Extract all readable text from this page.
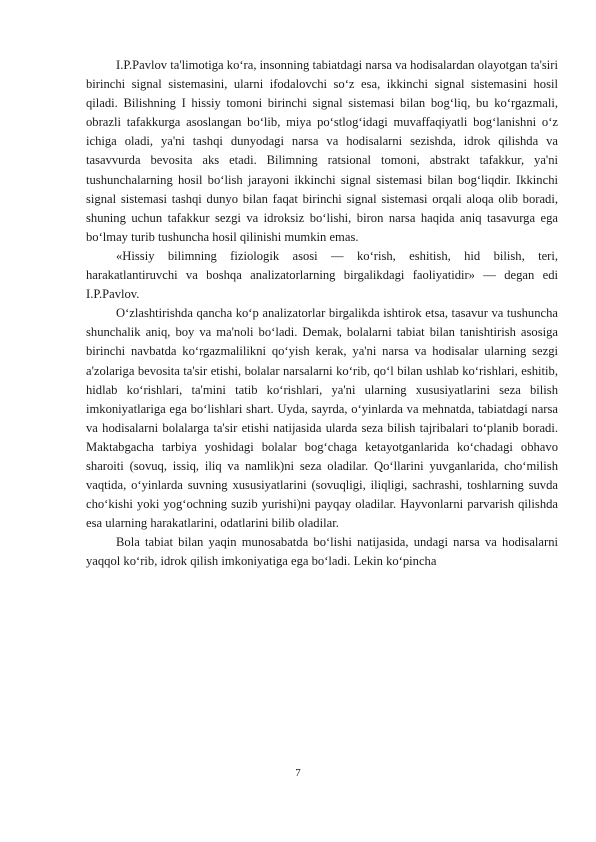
I.P.Pavlov ta'limotiga koʻra, insonning tabiatdagi narsa va hodisalardan olayotgan ta'siri birinchi signal sistemasini, ularni ifodalovchi soʻz esa, ikkinchi signal sistemasini hosil qiladi. Bilishning I hissiy tomoni birinchi signal sistemasi bilan bogʻliq, bu koʻrgazmali, obrazli tafakkurga asoslangan boʻlib, miya poʻstlogʻidagi muvaffaqiyatli bogʻlanishni oʻz ichiga oladi, ya'ni tashqi dunyodagi narsa va hodisalarni sezishda, idrok qilishda va tasavvurda bevosita aks etadi. Bilimning ratsional tomoni, abstrakt tafakkur, ya'ni tushunchalarning hosil boʻlish jarayoni ikkinchi signal sistemasi bilan bogʻliqdir. Ikkinchi signal sistemasi tashqi dunyo bilan faqat birinchi signal sistemasi orqali aloqa olib boradi, shuning uchun tafakkur sezgi va idroksiz boʻlishi, biron narsa haqida aniq tasavurga ega boʻlmay turib tushuncha hosil qilinishi mumkin emas.

«Hissiy bilimning fiziologik asosi — koʻrish, eshitish, hid bilish, teri, harakatlantiruvchi va boshqa analizatorlarning birgalikdagi faoliyatidir» — degan edi I.P.Pavlov.

Oʻzlashtirishda qancha koʻp analizatorlar birgalikda ishtirok etsa, tasavur va tushuncha shunchalik aniq, boy va ma'noli boʻladi. Demak, bolalarni tabiat bilan tanishtirish asosiga birinchi navbatda koʻrgazmalilikni qoʻyish kerak, ya'ni narsa va hodisalar ularning sezgi a'zolariga bevosita ta'sir etishi, bolalar narsalarni koʻrib, qoʻl bilan ushlab koʻrishlari, eshitib, hidlab koʻrishlari, ta'mini tatib koʻrishlari, ya'ni ularning xususiyatlarini seza bilish imkoniyatlariga ega boʻlishlari shart. Uyda, sayrda, oʻyinlarda va mehnatda, tabiatdagi narsa va hodisalarni bolalarga ta'sir etishi natijasida ularda seza bilish tajribalari toʻplanib boradi. Maktabgacha tarbiya yoshidagi bolalar bogʻchaga ketayotganlarida koʻchadagi obhavo sharoiti (sovuq, issiq, iliq va namlik)ni seza oladilar. Qoʻllarini yuvganlarida, choʻmilish vaqtida, oʻyinlarda suvning xususiyatlarini (sovuqligi, iliqligi, sachrashi, toshlarning suvda choʻkishi yoki yogʻochning suzib yurishi)ni payqay oladilar. Hayvonlarni parvarish qilishda esa ularning harakatlarini, odatlarini bilib oladilar.

Bola tabiat bilan yaqin munosabatda boʻlishi natijasida, undagi narsa va hodisalarni yaqqol koʻrib, idrok qilish imkoniyatiga ega boʻladi. Lekin koʻpincha

7
